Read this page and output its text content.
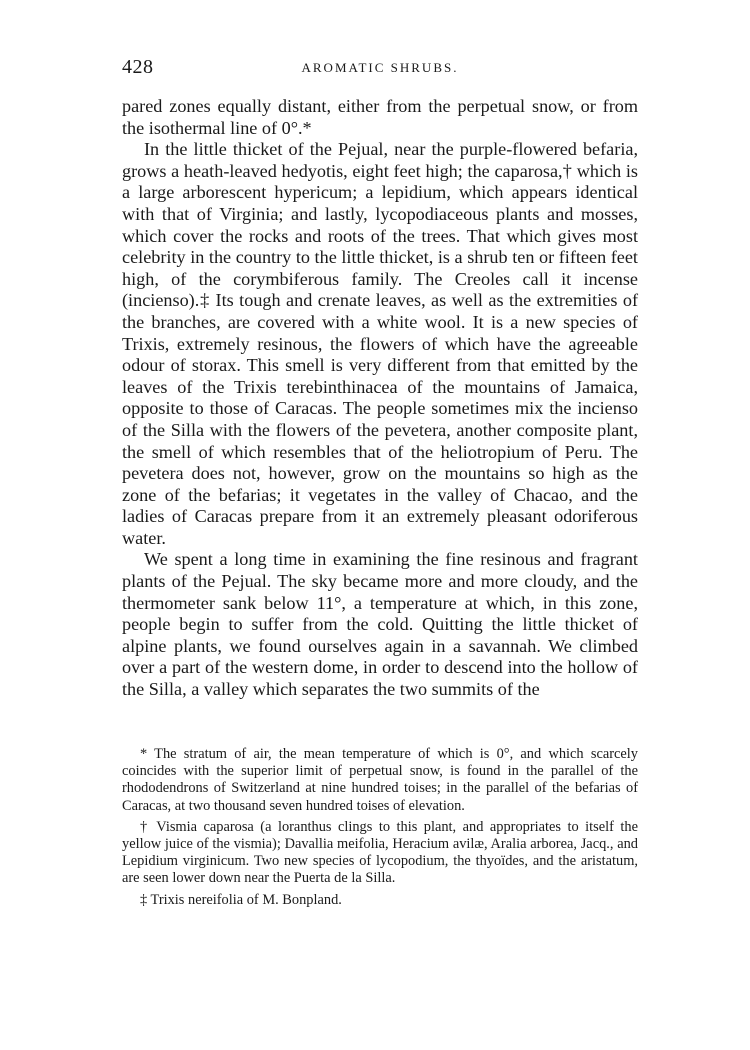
428	AROMATIC SHRUBS.

pared zones equally distant, either from the perpetual snow, or from the isothermal line of 0°.*

In the little thicket of the Pejual, near the purple-flowered befaria, grows a heath-leaved hedyotis, eight feet high; the caparosa,† which is a large arborescent hypericum; a lepidium, which appears identical with that of Virginia; and lastly, lycopodiaceous plants and mosses, which cover the rocks and roots of the trees. That which gives most celebrity in the country to the little thicket, is a shrub ten or fifteen feet high, of the corymbiferous family. The Creoles call it incense (incienso).‡ Its tough and crenate leaves, as well as the extremities of the branches, are covered with a white wool. It is a new species of Trixis, extremely resinous, the flowers of which have the agreeable odour of storax. This smell is very different from that emitted by the leaves of the Trixis terebinthinacea of the mountains of Jamaica, opposite to those of Caracas. The people sometimes mix the incienso of the Silla with the flowers of the pevetera, another composite plant, the smell of which resembles that of the heliotropium of Peru. The pevetera does not, however, grow on the mountains so high as the zone of the befarias; it vegetates in the valley of Chacao, and the ladies of Caracas prepare from it an extremely pleasant odoriferous water.

We spent a long time in examining the fine resinous and fragrant plants of the Pejual. The sky became more and more cloudy, and the thermometer sank below 11°, a temperature at which, in this zone, people begin to suffer from the cold. Quitting the little thicket of alpine plants, we found ourselves again in a savannah. We climbed over a part of the western dome, in order to descend into the hollow of the Silla, a valley which separates the two summits of the

* The stratum of air, the mean temperature of which is 0°, and which scarcely coincides with the superior limit of perpetual snow, is found in the parallel of the rhododendrons of Switzerland at nine hundred toises; in the parallel of the befarias of Caracas, at two thousand seven hundred toises of elevation.

† Vismia caparosa (a loranthus clings to this plant, and appropriates to itself the yellow juice of the vismia); Davallia meifolia, Heracium avilæ, Aralia arborea, Jacq., and Lepidium virginicum. Two new species of lycopodium, the thyoïdes, and the aristatum, are seen lower down near the Puerta de la Silla.

‡ Trixis nereifolia of M. Bonpland.
